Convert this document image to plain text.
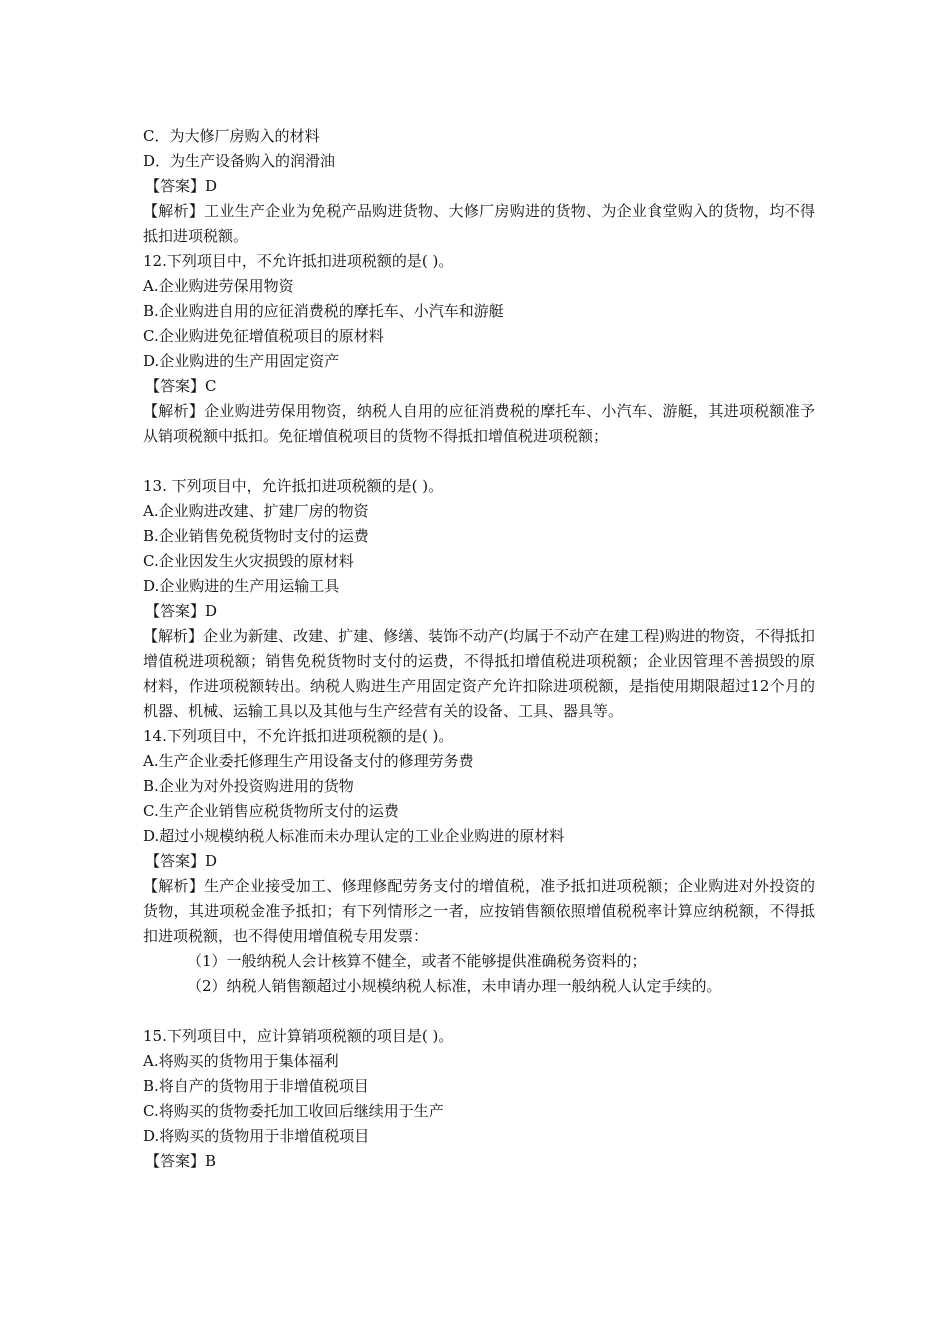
C．为大修厂房购入的材料
D．为生产设备购入的润滑油
【答案】D
【解析】工业生产企业为免税产品购进货物、大修厂房购进的货物、为企业食堂购入的货物，均不得抵扣进项税额。
12.下列项目中，不允许抵扣进项税额的是( )。
A.企业购进劳保用物资
B.企业购进自用的应征消费税的摩托车、小汽车和游艇
C.企业购进免征增值税项目的原材料
D.企业购进的生产用固定资产
【答案】C
【解析】企业购进劳保用物资，纳税人自用的应征消费税的摩托车、小汽车、游艇，其进项税额准予从销项税额中抵扣。免征增值税项目的货物不得抵扣增值税进项税额；
13. 下列项目中，允许抵扣进项税额的是( )。
A.企业购进改建、扩建厂房的物资
B.企业销售免税货物时支付的运费
C.企业因发生火灾损毁的原材料
D.企业购进的生产用运输工具
【答案】D
【解析】企业为新建、改建、扩建、修缮、装饰不动产(均属于不动产在建工程)购进的物资，不得抵扣增值税进项税额；销售免税货物时支付的运费，不得抵扣增值税进项税额；企业因管理不善损毁的原材料，作进项税额转出。纳税人购进生产用固定资产允许扣除进项税额，是指使用期限超过12个月的机器、机械、运输工具以及其他与生产经营有关的设备、工具、器具等。
14.下列项目中，不允许抵扣进项税额的是( )。
A.生产企业委托修理生产用设备支付的修理劳务费
B.企业为对外投资购进用的货物
C.生产企业销售应税货物所支付的运费
D.超过小规模纳税人标准而未办理认定的工业企业购进的原材料
【答案】D
【解析】生产企业接受加工、修理修配劳务支付的增值税，准予抵扣进项税额；企业购进对外投资的货物，其进项税金准予抵扣；有下列情形之一者，应按销售额依照增值税税率计算应纳税额，不得抵扣进项税额，也不得使用增值税专用发票：
（1）一般纳税人会计核算不健全，或者不能够提供准确税务资料的；
（2）纳税人销售额超过小规模纳税人标准，未申请办理一般纳税人认定手续的。
15.下列项目中，应计算销项税额的项目是( )。
A.将购买的货物用于集体福利
B.将自产的货物用于非增值税项目
C.将购买的货物委托加工收回后继续用于生产
D.将购买的货物用于非增值税项目
【答案】B
